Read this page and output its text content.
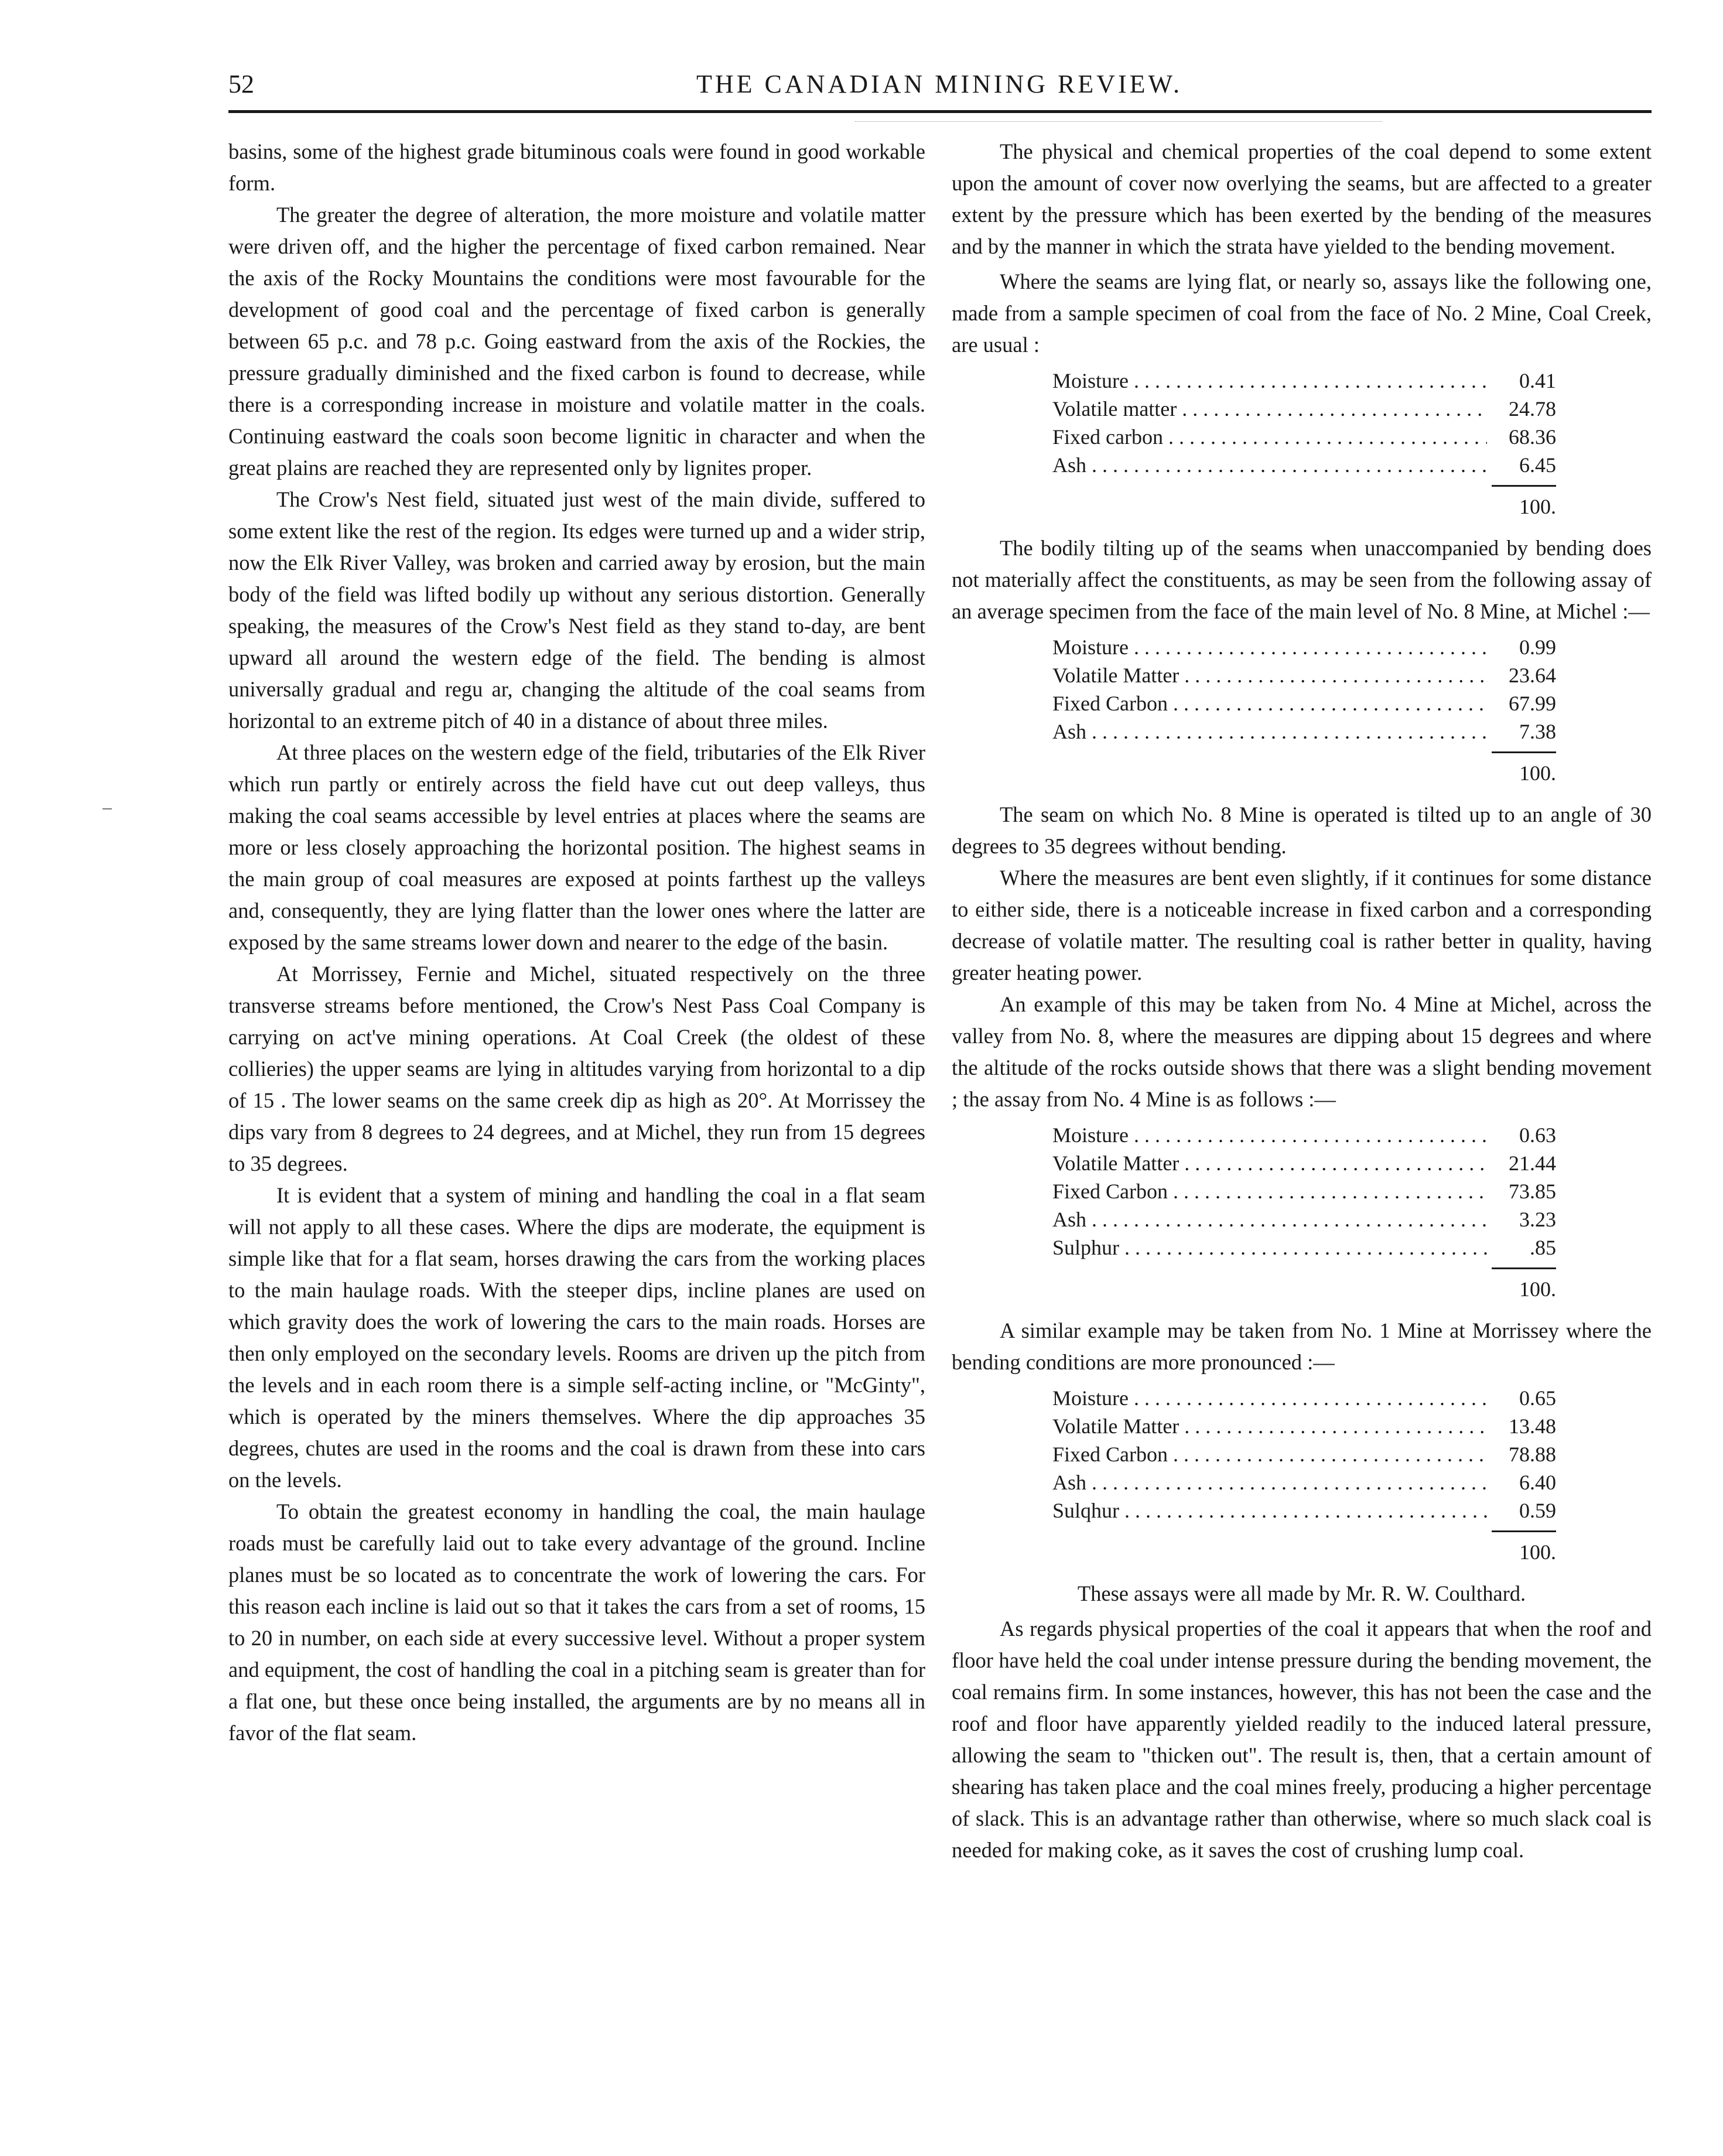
52	THE CANADIAN MINING REVIEW.

basins, some of the highest grade bituminous coals were found in good workable form.

The greater the degree of alteration, the more moisture and volatile matter were driven off, and the higher the percentage of fixed carbon remained. Near the axis of the Rocky Mountains the conditions were most favourable for the development of good coal and the percentage of fixed carbon is generally between 65 p.c. and 78 p.c. Going eastward from the axis of the Rockies, the pressure gradually diminished and the fixed carbon is found to decrease, while there is a corresponding increase in moisture and volatile matter in the coals. Continuing eastward the coals soon become lignitic in character and when the great plains are reached they are represented only by lignites proper.

The Crow's Nest field, situated just west of the main divide, suffered to some extent like the rest of the region. Its edges were turned up and a wider strip, now the Elk River Valley, was broken and carried away by erosion, but the main body of the field was lifted bodily up without any serious distortion. Generally speaking, the measures of the Crow's Nest field as they stand to-day, are bent upward all around the western edge of the field. The bending is almost universally gradual and regu ar, changing the altitude of the coal seams from horizontal to an extreme pitch of 40 in a distance of about three miles.

At three places on the western edge of the field, tributaries of the Elk River which run partly or entirely across the field have cut out deep valleys, thus making the coal seams accessible by level entries at places where the seams are more or less closely approaching the horizontal position. The highest seams in the main group of coal measures are exposed at points farthest up the valleys and, consequently, they are lying flatter than the lower ones where the latter are exposed by the same streams lower down and nearer to the edge of the basin.

At Morrissey, Fernie and Michel, situated respectively on the three transverse streams before mentioned, the Crow's Nest Pass Coal Company is carrying on act've mining operations. At Coal Creek (the oldest of these collieries) the upper seams are lying in altitudes varying from horizontal to a dip of 15 . The lower seams on the same creek dip as high as 20°. At Morrissey the dips vary from 8 degrees to 24 degrees, and at Michel, they run from 15 degrees to 35 degrees.

It is evident that a system of mining and handling the coal in a flat seam will not apply to all these cases. Where the dips are moderate, the equipment is simple like that for a flat seam, horses drawing the cars from the working places to the main haulage roads. With the steeper dips, incline planes are used on which gravity does the work of lowering the cars to the main roads. Horses are then only employed on the secondary levels. Rooms are driven up the pitch from the levels and in each room there is a simple self-acting incline, or "McGinty", which is operated by the miners themselves. Where the dip approaches 35 degrees, chutes are used in the rooms and the coal is drawn from these into cars on the levels.

To obtain the greatest economy in handling the coal, the main haulage roads must be carefully laid out to take every advantage of the ground. Incline planes must be so located as to concentrate the work of lowering the cars. For this reason each incline is laid out so that it takes the cars from a set of rooms, 15 to 20 in number, on each side at every successive level. Without a proper system and equipment, the cost of handling the coal in a pitching seam is greater than for a flat one, but these once being installed, the arguments are by no means all in favor of the flat seam.

The physical and chemical properties of the coal depend to some extent upon the amount of cover now overlying the seams, but are affected to a greater extent by the pressure which has been exerted by the bending of the measures and by the manner in which the strata have yielded to the bending movement.

Where the seams are lying flat, or nearly so, assays like the following one, made from a sample specimen of coal from the face of No. 2 Mine, Coal Creek, are usual :

Moisture . . .	0.41
Volatile matter . . .	24.78
Fixed carbon . . .	68.36
Ash . . .	6.45
100.

The bodily tilting up of the seams when unaccompanied by bending does not materially affect the constituents, as may be seen from the following assay of an average specimen from the face of the main level of No. 8 Mine, at Michel :—

Moisture . . .	0.99
Volatile Matter . . .	23.64
Fixed Carbon . . .	67.99
Ash . . .	7.38
100.

The seam on which No. 8 Mine is operated is tilted up to an angle of 30 degrees to 35 degrees without bending.

Where the measures are bent even slightly, if it continues for some distance to either side, there is a noticeable increase in fixed carbon and a corresponding decrease of volatile matter. The resulting coal is rather better in quality, having greater heating power.

An example of this may be taken from No. 4 Mine at Michel, across the valley from No. 8, where the measures are dipping about 15 degrees and where the altitude of the rocks outside shows that there was a slight bending movement ; the assay from No. 4 Mine is as follows :—

Moisture . . .	0.63
Volatile Matter . . .	21.44
Fixed Carbon . . .	73.85
Ash . . .	3.23
Sulphur . . .	.85
100.

A similar example may be taken from No. 1 Mine at Morrissey where the bending conditions are more pronounced :—

Moisture . . .	0.65
Volatile Matter . . .	13.48
Fixed Carbon . . .	78.88
Ash . . .	6.40
Sulqhur . . .	0.59
100.

These assays were all made by Mr. R. W. Coulthard.

As regards physical properties of the coal it appears that when the roof and floor have held the coal under intense pressure during the bending movement, the coal remains firm. In some instances, however, this has not been the case and the roof and floor have apparently yielded readily to the induced lateral pressure, allowing the seam to "thicken out". The result is, then, that a certain amount of shearing has taken place and the coal mines freely, producing a higher percentage of slack. This is an advantage rather than otherwise, where so much slack coal is needed for making coke, as it saves the cost of crushing lump coal.
